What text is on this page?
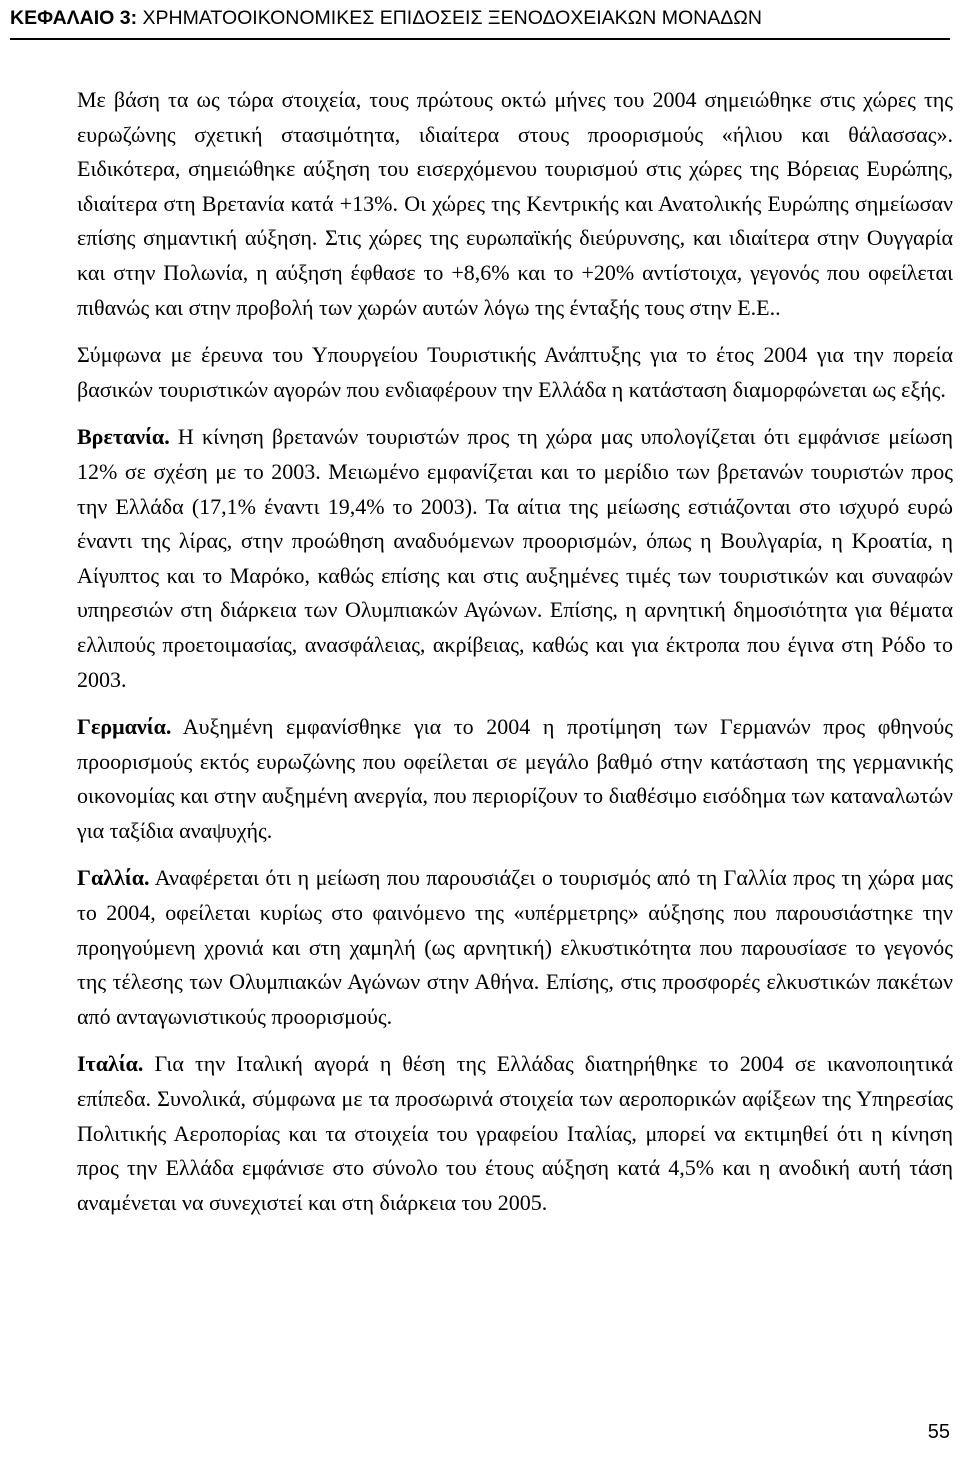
ΚΕΦΑΛΑΙΟ 3: ΧΡΗΜΑΤΟΟΙΚΟΝΟΜΙΚΕΣ ΕΠΙΔΟΣΕΙΣ ΞΕΝΟΔΟΧΕΙΑΚΩΝ ΜΟΝΑΔΩΝ

Με βάση τα ως τώρα στοιχεία, τους πρώτους οκτώ μήνες του 2004 σημειώθηκε στις χώρες της ευρωζώνης σχετική στασιμότητα, ιδιαίτερα στους προορισμούς «ήλιου και θάλασσας». Ειδικότερα, σημειώθηκε αύξηση του εισερχόμενου τουρισμού στις χώρες της Βόρειας Ευρώπης, ιδιαίτερα στη Βρετανία κατά +13%. Οι χώρες της Κεντρικής και Ανατολικής Ευρώπης σημείωσαν επίσης σημαντική αύξηση. Στις χώρες της ευρωπαϊκής διεύρυνσης, και ιδιαίτερα στην Ουγγαρία και στην Πολωνία, η αύξηση έφθασε το +8,6% και το +20% αντίστοιχα, γεγονός που οφείλεται πιθανώς και στην προβολή των χωρών αυτών λόγω της ένταξής τους στην Ε.Ε..

Σύμφωνα με έρευνα του Υπουργείου Τουριστικής Ανάπτυξης για το έτος 2004 για την πορεία βασικών τουριστικών αγορών που ενδιαφέρουν την Ελλάδα η κατάσταση διαμορφώνεται ως εξής.

Βρετανία. Η κίνηση βρετανών τουριστών προς τη χώρα μας υπολογίζεται ότι εμφάνισε μείωση 12% σε σχέση με το 2003. Μειωμένο εμφανίζεται και το μερίδιο των βρετανών τουριστών προς την Ελλάδα (17,1% έναντι 19,4% το 2003). Τα αίτια της μείωσης εστιάζονται στο ισχυρό ευρώ έναντι της λίρας, στην προώθηση αναδυόμενων προορισμών, όπως η Βουλγαρία, η Κροατία, η Αίγυπτος και το Μαρόκο, καθώς επίσης και στις αυξημένες τιμές των τουριστικών και συναφών υπηρεσιών στη διάρκεια των Ολυμπιακών Αγώνων. Επίσης, η αρνητική δημοσιότητα για θέματα ελλιπούς προετοιμασίας, ανασφάλειας, ακρίβειας, καθώς και για έκτροπα που έγινα στη Ρόδο το 2003.

Γερμανία. Αυξημένη εμφανίσθηκε για το 2004 η προτίμηση των Γερμανών προς φθηνούς προορισμούς εκτός ευρωζώνης που οφείλεται σε μεγάλο βαθμό στην κατάσταση της γερμανικής οικονομίας και στην αυξημένη ανεργία, που περιορίζουν το διαθέσιμο εισόδημα των καταναλωτών για ταξίδια αναψυχής.

Γαλλία. Αναφέρεται ότι η μείωση που παρουσιάζει ο τουρισμός από τη Γαλλία προς τη χώρα μας το 2004, οφείλεται κυρίως στο φαινόμενο της «υπέρμετρης» αύξησης που παρουσιάστηκε την προηγούμενη χρονιά και στη χαμηλή (ως αρνητική) ελκυστικότητα που παρουσίασε το γεγονός της τέλεσης των Ολυμπιακών Αγώνων στην Αθήνα. Επίσης, στις προσφορές ελκυστικών πακέτων από ανταγωνιστικούς προορισμούς.

Ιταλία. Για την Ιταλική αγορά η θέση της Ελλάδας διατηρήθηκε το 2004 σε ικανοποιητικά επίπεδα. Συνολικά, σύμφωνα με τα προσωρινά στοιχεία των αεροπορικών αφίξεων της Υπηρεσίας Πολιτικής Αεροπορίας και τα στοιχεία του γραφείου Ιταλίας, μπορεί να εκτιμηθεί ότι η κίνηση προς την Ελλάδα εμφάνισε στο σύνολο του έτους αύξηση κατά 4,5% και η ανοδική αυτή τάση αναμένεται να συνεχιστεί και στη διάρκεια του 2005.

55
